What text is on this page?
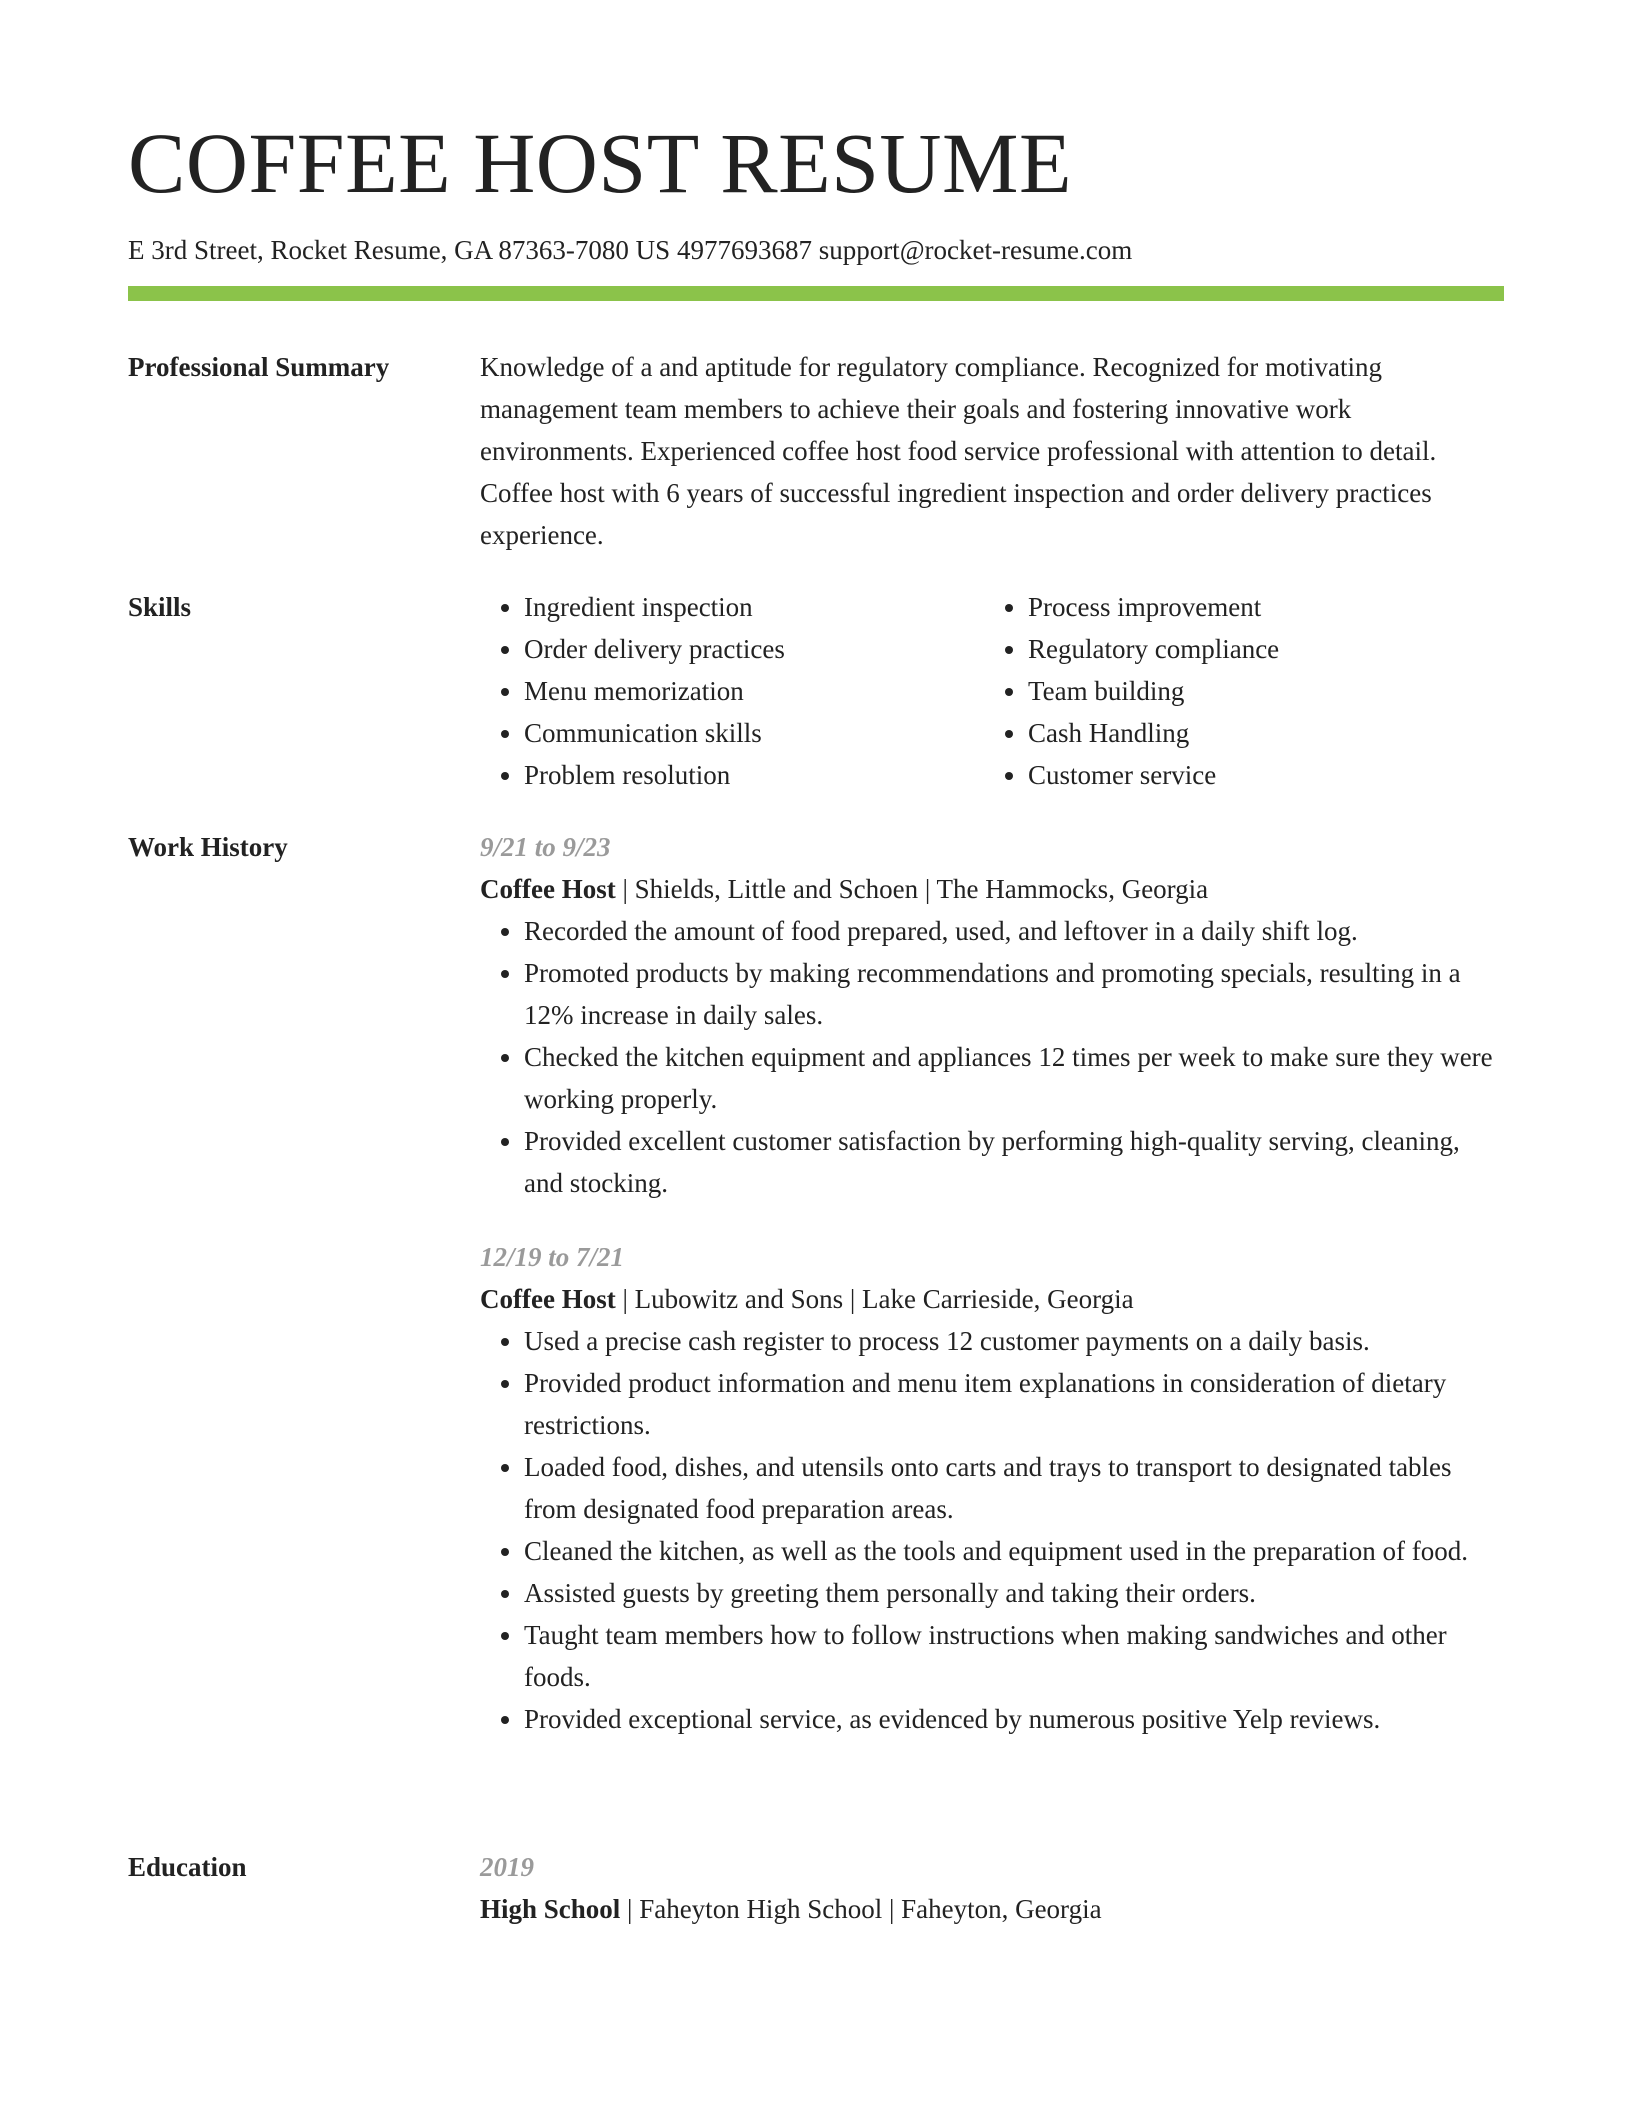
COFFEE HOST RESUME
E 3rd Street, Rocket Resume, GA 87363-7080 US 4977693687 support@rocket-resume.com
Professional Summary	Knowledge of a and aptitude for regulatory compliance. Recognized for motivating management team members to achieve their goals and fostering innovative work environments. Experienced coffee host food service professional with attention to detail. Coffee host with 6 years of successful ingredient inspection and order delivery practices experience.

Skills
•	Ingredient inspection
• Order delivery practices
• Menu memorization
• Communication skills
• Problem resolution
• Process improvement
• Regulatory compliance
• Team building
• Cash Handling
• Customer service
Work History	9/21 to 9/23
Coffee Host | Shields, Little and Schoen | The Hammocks, Georgia
• Recorded the amount of food prepared, used, and leftover in a daily shift log.
• Promoted products by making recommendations and promoting specials, resulting in a 12% increase in daily sales.
• Checked the kitchen equipment and appliances 12 times per week to make sure they were working properly.
• Provided excellent customer satisfaction by performing high-quality serving, cleaning, and stocking.
12/19 to 7/21
Coffee Host | Lubowitz and Sons | Lake Carrieside, Georgia
• Used a precise cash register to process 12 customer payments on a daily basis.
• Provided product information and menu item explanations in consideration of dietary restrictions.
• Loaded food, dishes, and utensils onto carts and trays to transport to designated tables from designated food preparation areas.
• Cleaned the kitchen, as well as the tools and equipment used in the preparation of food.
• Assisted guests by greeting them personally and taking their orders.
• Taught team members how to follow instructions when making sandwiches and other foods.
• Provided exceptional service, as evidenced by numerous positive Yelp reviews.
Education	2019
High School | Faheyton High School | Faheyton, Georgia
